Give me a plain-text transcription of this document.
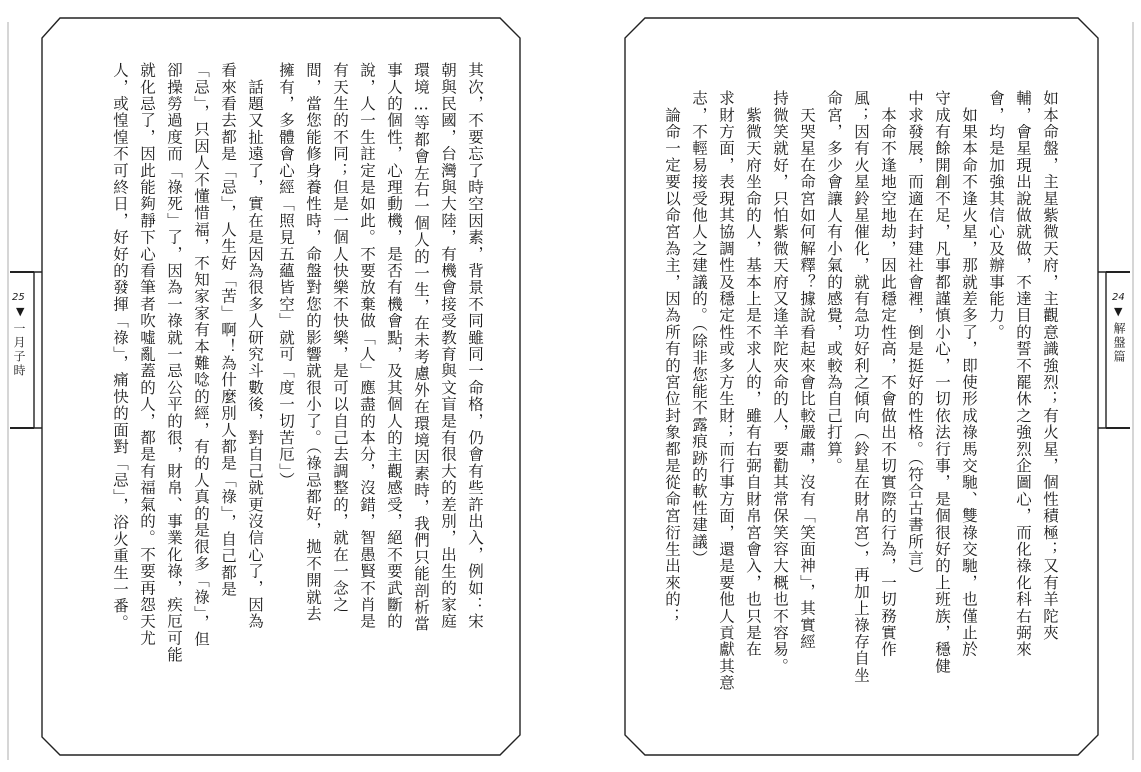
25
▼
一月子時
24
▼
解盤篇
其次，不要忘了時空因素，背景不同雖同一命格，仍會有些許出入，例如：宋
朝與民國，台灣與大陸，有機會接受教育與文盲是有很大的差別，出生的家庭
環境…等都會左右一個人的一生，在未考慮外在環境因素時，我們只能剖析當
事人的個性，心理動機，是否有機會點，及其個人的主觀感受，絕不要武斷的
說，人一生註定是如此。不要放棄做「人」應盡的本分，沒錯，智愚賢不肖是
有天生的不同；但是一個人快樂不快樂，是可以自己去調整的，就在一念之
間，當您能修身養性時，命盤對您的影響就很小了。（祿忌都好，拋不開就去
擁有，多體會心經「照見五蘊皆空」就可「度一切苦厄」）
　話題又扯遠了，實在是因為很多人研究斗數後，對自己就更沒信心了，因為
看來看去都是「忌」，人生好「苦」啊！為什麼別人都是「祿」，自己都是
「忌」，只因人不懂惜福，不知家家有本難唸的經，有的人真的是很多「祿」，但
卻操勞過度而「祿死」了，因為一祿就一忌公平的很，財帛、事業化祿，疾厄可能
就化忌了，因此能夠靜下心看筆者吹噓亂蓋的人，都是有福氣的。不要再怨天尤
人，或惶惶不可終日，好好的發揮「祿」，痛快的面對「忌」，浴火重生一番。	如本命盤，主星紫微天府，主觀意識強烈；有火星，個性積極；又有羊陀夾
輔，會星現出說做就做，不達目的誓不罷休之強烈企圖心，而化祿化科右弼來
會，均是加強其信心及辦事能力。
　如果本命不逢火星，那就差多了，即使形成祿馬交馳、雙祿交馳，也僅止於
守成有餘開創不足，凡事都謹慎小心，一切依法行事，是個很好的上班族，穩健
中求發展，而適在封建社會裡，倒是挺好的性格。（符合古書所言）
　本命不逢地空地劫，因此穩定性高，不會做出不切實際的行為，一切務實作
風；因有火星鈴星催化，就有急功好利之傾向（鈴星在財帛宮），再加上祿存自坐
命宮，多少會讓人有小氣的感覺，或較為自己打算。
　天哭星在命宮如何解釋？據說看起來會比較嚴肅，沒有「笑面神」，其實經
持微笑就好，只怕紫微天府又逢羊陀夾命的人，要勸其常保笑容大概也不容易。
　紫微天府坐命的人，基本上是不求人的，雖有右弼自財帛宮會入，也只是在
求財方面，表現其協調性及穩定性或多方生財；而行事方面，還是要他人貢獻其意
志，不輕易接受他人之建議的。（除非您能不露痕跡的軟性建議）
　論命一定要以命宮為主，因為所有的宮位封象都是從命宮衍生出來的；
